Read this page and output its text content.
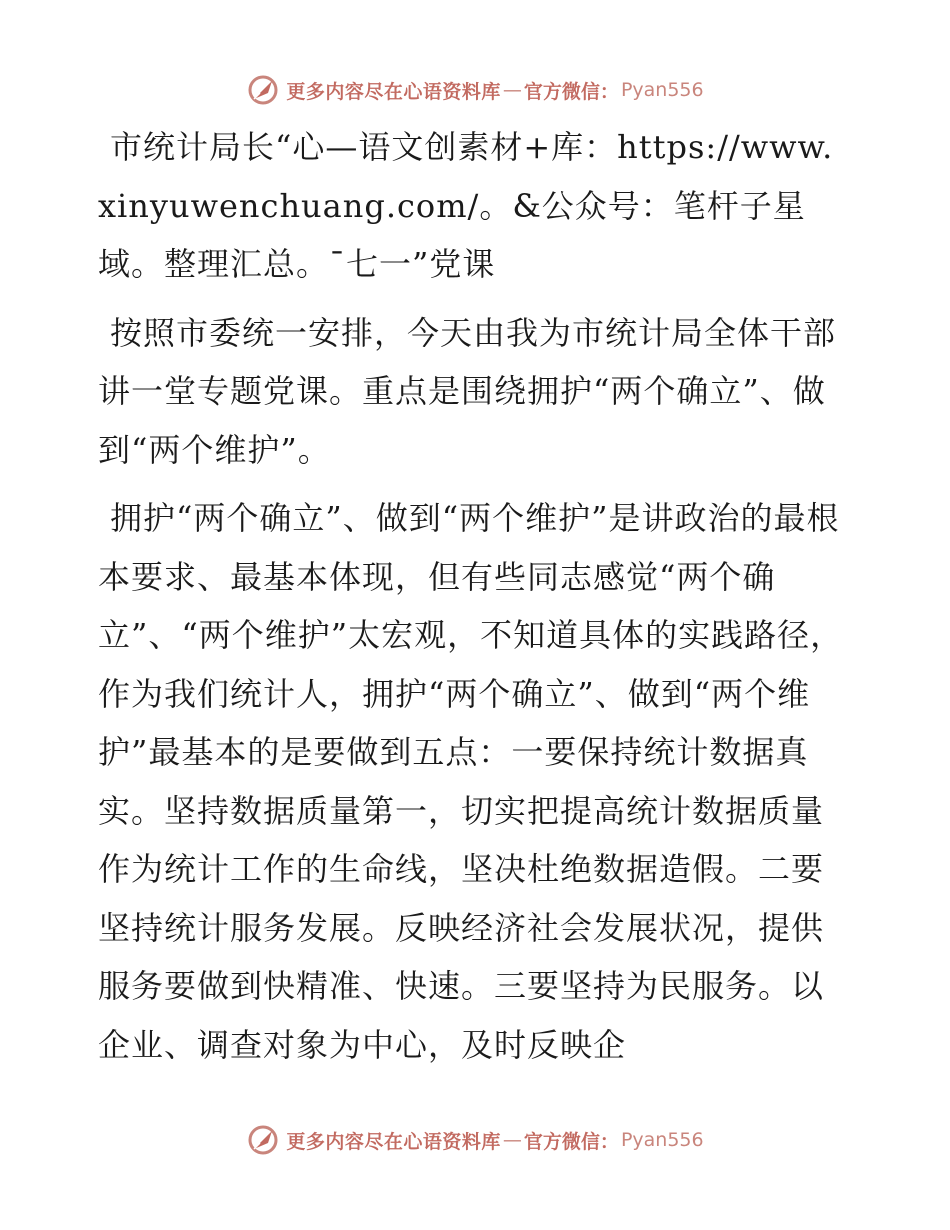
更多内容尽在心语资料库 — 官方微信： Pyan556

市统计局长“心—语文创素材+库：https://www.xinyuwenchuang.com/。&公众号：笔杆子星域。整理汇总。¯七一”党课

按照市委统一安排，今天由我为市统计局全体干部讲一堂专题党课。重点是围绕拥护“两个确立”、做到“两个维护”。

拥护“两个确立”、做到“两个维护”是讲政治的最根本要求、最基本体现，但有些同志感觉“两个确立”、“两个维护”太宏观，不知道具体的实践路径，作为我们统计人，拥护“两个确立”、做到“两个维护”最基本的是要做到五点：一要保持统计数据真实。坚持数据质量第一，切实把提高统计数据质量作为统计工作的生命线，坚决杜绝数据造假。二要坚持统计服务发展。反映经济社会发展状况，提供服务要做到快精准、快速。三要坚持为民服务。以企业、调查对象为中心，及时反映企

更多内容尽在心语资料库 — 官方微信： Pyan556
